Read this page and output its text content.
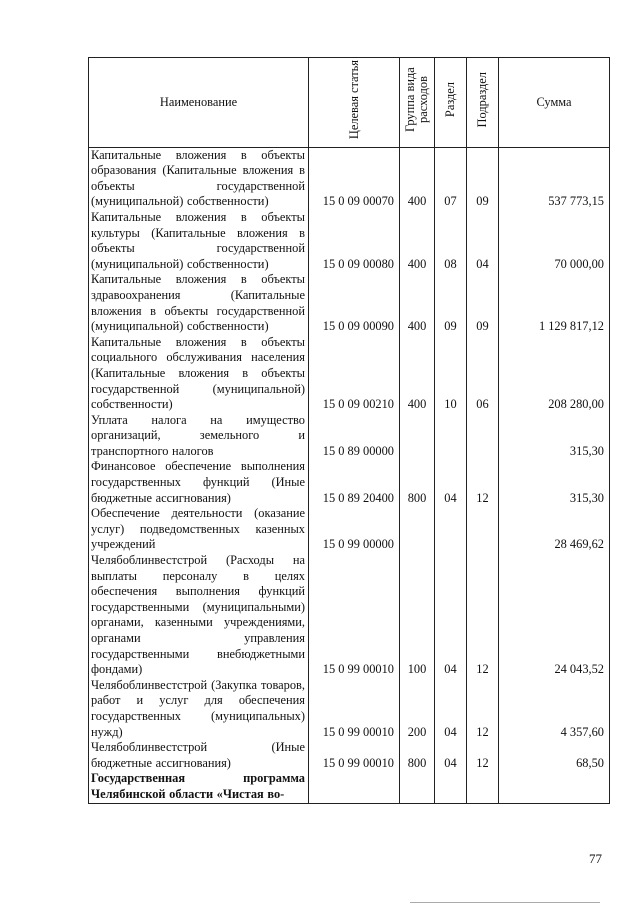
Наименование	Целевая статья	Группа вида расходов	Раздел	Подраздел	Сумма
Капитальные вложения в объекты образования (Капитальные вложения в объекты государственной (муниципальной) собственности)	15 0 09 00070	400	07	09	537 773,15
Капитальные вложения в объекты культуры (Капитальные вложения в объекты государственной (муниципальной) собственности)	15 0 09 00080	400	08	04	70 000,00
Капитальные вложения в объекты здравоохранения (Капитальные вложения в объекты государственной (муниципальной) собственности)	15 0 09 00090	400	09	09	1 129 817,12
Капитальные вложения в объекты социального обслуживания населения (Капитальные вложения в объекты государственной (муниципальной) собственности)	15 0 09 00210	400	10	06	208 280,00
Уплата налога на имущество организаций, земельного и транспортного налогов	15 0 89 00000				315,30
Финансовое обеспечение выполнения государственных функций (Иные бюджетные ассигнования)	15 0 89 20400	800	04	12	315,30
Обеспечение деятельности (оказание услуг) подведомственных казенных учреждений	15 0 99 00000				28 469,62
Челябоблинвестстрой (Расходы на выплаты персоналу в целях обеспечения выполнения функций государственными (муниципальными) органами, казенными учреждениями, органами управления государственными внебюджетными фондами)	15 0 99 00010	100	04	12	24 043,52
Челябоблинвестстрой (Закупка товаров, работ и услуг для обеспечения государственных (муниципальных) нужд)	15 0 99 00010	200	04	12	4 357,60
Челябоблинвестстрой (Иные бюджетные ассигнования)	15 0 99 00010	800	04	12	68,50
Государственная программа Челябинской области «Чистая во-					
77
